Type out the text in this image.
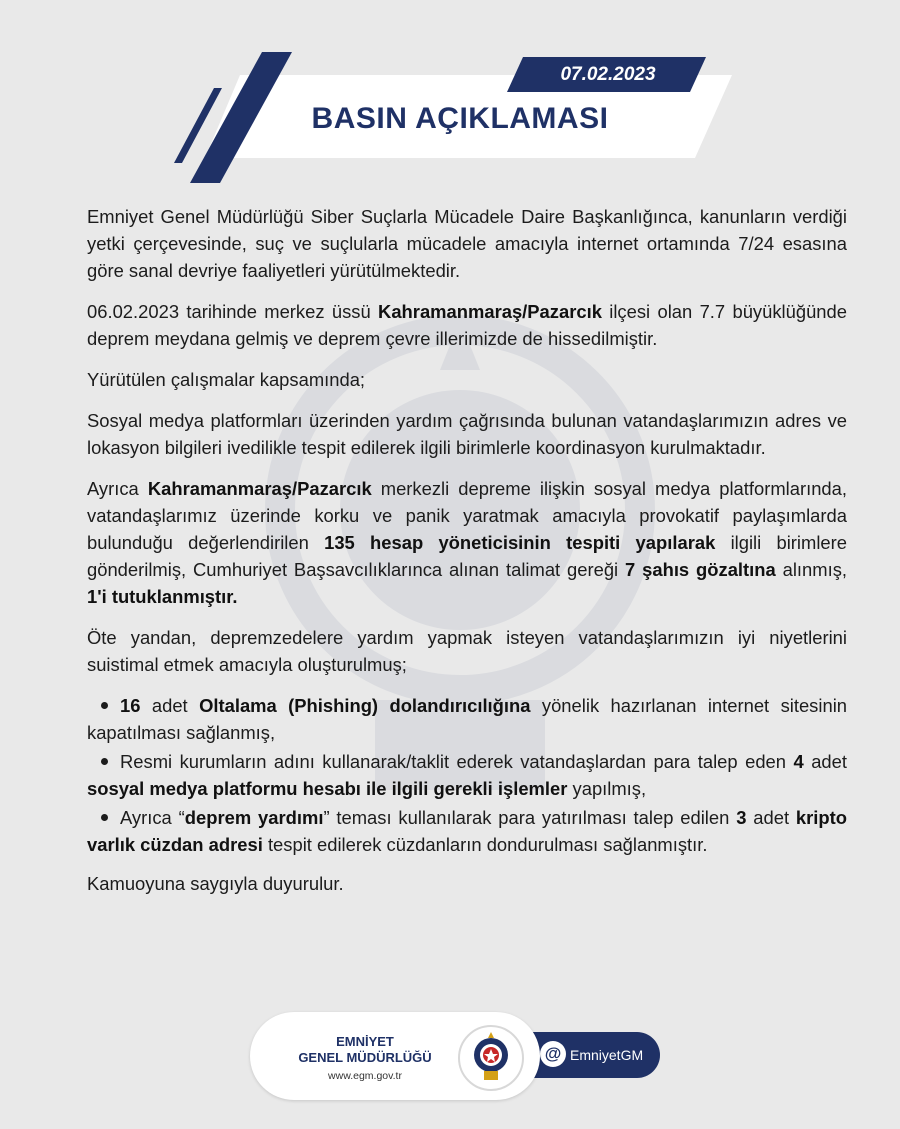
07.02.2023
BASIN AÇIKLAMASI

Emniyet Genel Müdürlüğü Siber Suçlarla Mücadele Daire Başkanlığınca, kanunların verdiği yetki çerçevesinde, suç ve suçlularla mücadele amacıyla internet ortamında 7/24 esasına göre sanal devriye faaliyetleri yürütülmektedir.

06.02.2023 tarihinde merkez üssü Kahramanmaraş/Pazarcık ilçesi olan 7.7 büyüklüğünde deprem meydana gelmiş ve deprem çevre illerimizde de hissedilmiştir.

Yürütülen çalışmalar kapsamında;

Sosyal medya platformları üzerinden yardım çağrısında bulunan vatandaşlarımızın adres ve lokasyon bilgileri ivedilikle tespit edilerek ilgili birimlerle koordinasyon kurulmaktadır.

Ayrıca Kahramanmaraş/Pazarcık merkezli depreme ilişkin sosyal medya platformlarında, vatandaşlarımız üzerinde korku ve panik yaratmak amacıyla provokatif paylaşımlarda bulunduğu değerlendirilen 135 hesap yöneticisinin tespiti yapılarak ilgili birimlere gönderilmiş, Cumhuriyet Başsavcılıklarınca alınan talimat gereği 7 şahıs gözaltına alınmış, 1'i tutuklanmıştır.

Öte yandan, depremzedelere yardım yapmak isteyen vatandaşlarımızın iyi niyetlerini suistimal etmek amacıyla oluşturulmuş;

16 adet Oltalama (Phishing) dolandırıcılığına yönelik hazırlanan internet sitesinin kapatılması sağlanmış,
Resmi kurumların adını kullanarak/taklit ederek vatandaşlardan para talep eden 4 adet sosyal medya platformu hesabı ile ilgili gerekli işlemler yapılmış,
Ayrıca “deprem yardımı” teması kullanılarak para yatırılması talep edilen 3 adet kripto varlık cüzdan adresi tespit edilerek cüzdanların dondurulması sağlanmıştır.

Kamuoyuna saygıyla duyurulur.

@ EmniyetGM
EMNİYET
GENEL MÜDÜRLÜĞÜ
www.egm.gov.tr
